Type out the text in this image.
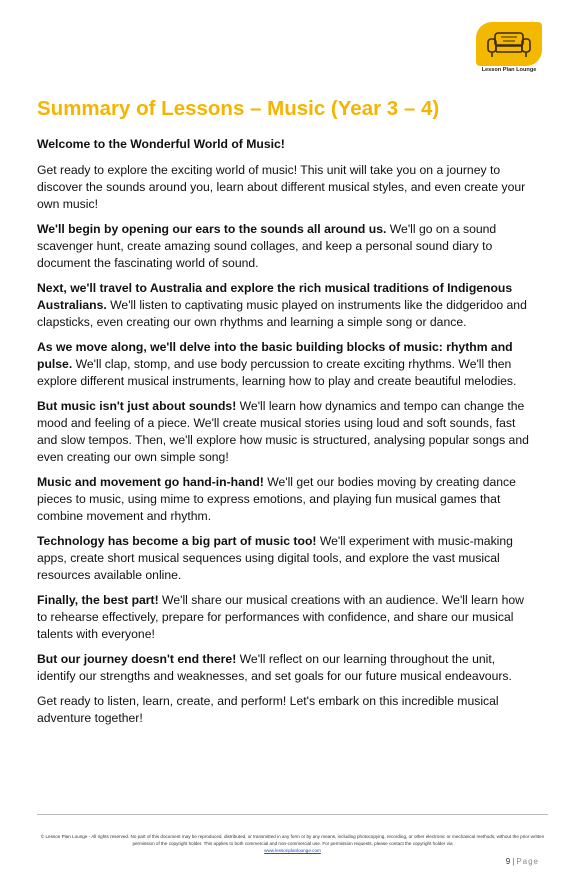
Lesson Plan Lounge
Summary of Lessons – Music (Year 3 – 4)

Welcome to the Wonderful World of Music!

Get ready to explore the exciting world of music! This unit will take you on a journey to discover the sounds around you, learn about different musical styles, and even create your own music!

We'll begin by opening our ears to the sounds all around us. We'll go on a sound scavenger hunt, create amazing sound collages, and keep a personal sound diary to document the fascinating world of sound.

Next, we'll travel to Australia and explore the rich musical traditions of Indigenous Australians. We'll listen to captivating music played on instruments like the didgeridoo and clapsticks, even creating our own rhythms and learning a simple song or dance.

As we move along, we'll delve into the basic building blocks of music: rhythm and pulse. We'll clap, stomp, and use body percussion to create exciting rhythms. We'll then explore different musical instruments, learning how to play and create beautiful melodies.

But music isn't just about sounds! We'll learn how dynamics and tempo can change the mood and feeling of a piece. We'll create musical stories using loud and soft sounds, fast and slow tempos. Then, we'll explore how music is structured, analysing popular songs and even creating our own simple song!

Music and movement go hand-in-hand! We'll get our bodies moving by creating dance pieces to music, using mime to express emotions, and playing fun musical games that combine movement and rhythm.

Technology has become a big part of music too! We'll experiment with music-making apps, create short musical sequences using digital tools, and explore the vast musical resources available online.

Finally, the best part! We'll share our musical creations with an audience. We'll learn how to rehearse effectively, prepare for performances with confidence, and share our musical talents with everyone!

But our journey doesn't end there! We'll reflect on our learning throughout the unit, identify our strengths and weaknesses, and set goals for our future musical endeavours.

Get ready to listen, learn, create, and perform! Let's embark on this incredible musical adventure together!

© Lesson Plan Lounge - All rights reserved. No part of this document may be reproduced, distributed, or transmitted in any form or by any means, including photocopying, recording, or other electronic or mechanical methods, without the prior written permission of the copyright holder. This applies to both commercial and non-commercial use. For permission requests, please contact the copyright holder via
www.lessonplanlounge.com
9 | Page
